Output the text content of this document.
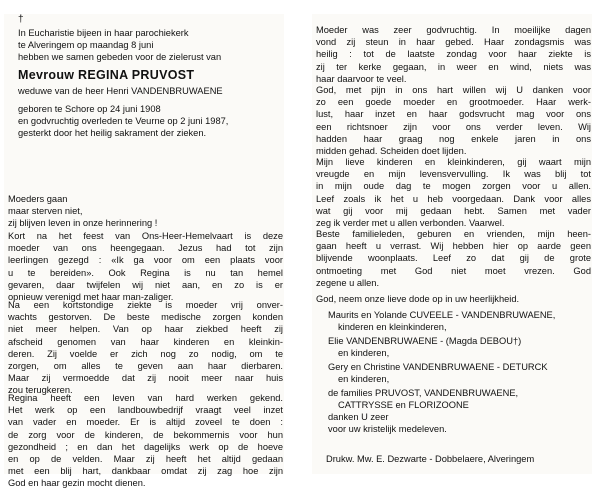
†
In Eucharistie bijeen in haar parochiekerk
te Alveringem op maandag 8 juni
hebben we samen gebeden voor de zielerust van
Mevrouw REGINA PRUVOST
weduwe van de heer Henri VANDENBRUWAENE
geboren te Schore op 24 juni 1908
en godvruchtig overleden te Veurne op 2 juni 1987,
gesterkt door het heilig sakrament der zieken.
Moeders gaan
maar sterven niet,
zij blijven leven in onze herinnering !
Kort na het feest van Ons-Heer-Hemelvaart is deze
moeder van ons heengegaan. Jezus had tot zijn
leerlingen gezegd : «Ik ga voor om een plaats voor
u te bereiden». Ook Regina is nu tan hemel
gevaren, daar twijfelen wij niet aan, en zo is er
opnieuw verenigd met haar man-zaliger.
Na een kortstondige ziekte is moeder vrij onver-
wachts gestorven. De beste medische zorgen konden
niet meer helpen. Van op haar ziekbed heeft zij
afscheid genomen van haar kinderen en kleinkin-
deren. Zij voelde er zich nog zo nodig, om te
zorgen, om alles te geven aan haar dierbaren.
Maar zij vermoedde dat zij nooit meer naar huis
zou terugkeren.
Regina heeft een leven van hard werken gekend.
Het werk op een landbouwbedrijf vraagt veel inzet
van vader en moeder. Er is altijd zoveel te doen :
de zorg voor de kinderen, de bekommernis voor hun
gezondheid ; en dan het dagelijks werk op de hoeve
en op de velden. Maar zij heeft het altijd gedaan
met een blij hart, dankbaar omdat zij zag hoe zijn
God en haar gezin mocht dienen.
Moeder was zeer godvruchtig. In moeilijke dagen
vond zij steun in haar gebed. Haar zondagsmis was
heilig : tot de laatste zondag voor haar ziekte is
zij ter kerke gegaan, in weer en wind, niets was
haar daarvoor te veel.
God, met pijn in ons hart willen wij U danken voor
zo een goede moeder en grootmoeder. Haar werk-
lust, haar inzet en haar godsvrucht mag voor ons
een richtsnoer zijn voor ons verder leven. Wij
hadden haar graag nog enkele jaren in ons
midden gehad. Scheiden doet lijden.
Mijn lieve kinderen en kleinkinderen, gij waart mijn
vreugde en mijn levensvervulling. Ik was blij tot
in mijn oude dag te mogen zorgen voor u allen.
Leef zoals ik het u heb voorgedaan. Dank voor alles
wat gij voor mij gedaan hebt. Samen met vader
zeg ik verder met u allen verbonden. Vaarwel.
Beste familieleden, geburen en vrienden, mijn heen-
gaan heeft u verrast. Wij hebben hier op aarde geen
blijvende woonplaats. Leef zo dat gij de grote
ontmoeting met God niet moet vrezen. God
zegene u allen.
God, neem onze lieve dode op in uw heerlijkheid.
Maurits en Yolande CUVEELE - VANDENBRUWAENE,
kinderen en kleinkinderen,
Elie VANDENBRUWAENE - (Magda DEBOU†)
en kinderen,
Gery en Christine VANDENBRUWAENE - DETURCK
en kinderen,
de families PRUVOST, VANDENBRUWAENE,
CATTRYSSE en FLORIZOONE
danken U zeer
voor uw kristelijk medeleven.
Drukw. Mw. E. Dezwarte - Dobbelaere, Alveringem
